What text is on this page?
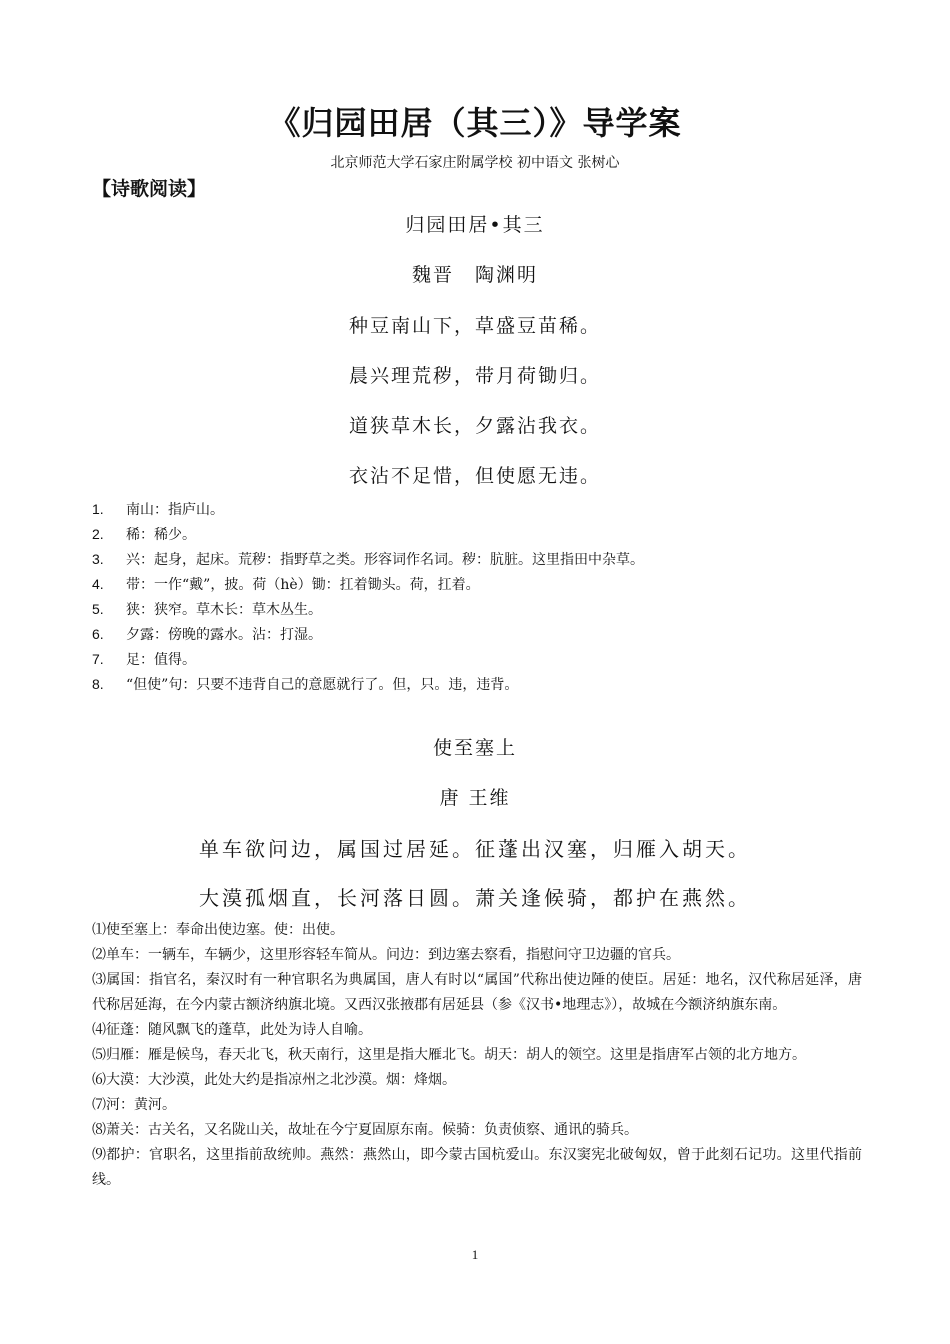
《归园田居（其三）》导学案
北京师范大学石家庄附属学校 初中语文 张树心
【诗歌阅读】
归园田居•其三
魏晋　陶渊明
种豆南山下，草盛豆苗稀。
晨兴理荒秽，带月荷锄归。
道狭草木长，夕露沾我衣。
衣沾不足惜，但使愿无违。
1. 南山：指庐山。
2. 稀：稀少。
3. 兴：起身，起床。荒秽：指野草之类。形容词作名词。秽：肮脏。这里指田中杂草。
4. 带：一作“戴”，披。荷（hè）锄：扛着锄头。荷，扛着。
5. 狭：狭窄。草木长：草木丛生。
6. 夕露：傍晚的露水。沾：打湿。
7. 足：值得。
8. “但使”句：只要不违背自己的意愿就行了。但，只。违，违背。
使至塞上
唐 王维
单车欲问边，属国过居延。征蓬出汉塞，归雁入胡天。
大漠孤烟直，长河落日圆。萧关逢候骑，都护在燕然。

⑴使至塞上：奉命出使边塞。使：出使。

⑵单车：一辆车，车辆少，这里形容轻车简从。问边：到边塞去察看，指慰问守卫边疆的官兵。

⑶属国：指官名，秦汉时有一种官职名为典属国，唐人有时以“属国”代称出使边陲的使臣。居延：地名，汉代称居延泽，唐代称居延海，在今内蒙古额济纳旗北境。又西汉张掖郡有居延县（参《汉书•地理志》），故城在今额济纳旗东南。

⑷征蓬：随风飘飞的蓬草，此处为诗人自喻。

⑸归雁：雁是候鸟，春天北飞，秋天南行，这里是指大雁北飞。胡天：胡人的领空。这里是指唐军占领的北方地方。

⑹大漠：大沙漠，此处大约是指凉州之北沙漠。烟：烽烟。

⑺河：黄河。

⑻萧关：古关名，又名陇山关，故址在今宁夏固原东南。候骑：负责侦察、通讯的骑兵。

⑼都护：官职名，这里指前敌统帅。燕然：燕然山，即今蒙古国杭爱山。东汉窦宪北破匈奴，曾于此刻石记功。这里代指前线。

1
